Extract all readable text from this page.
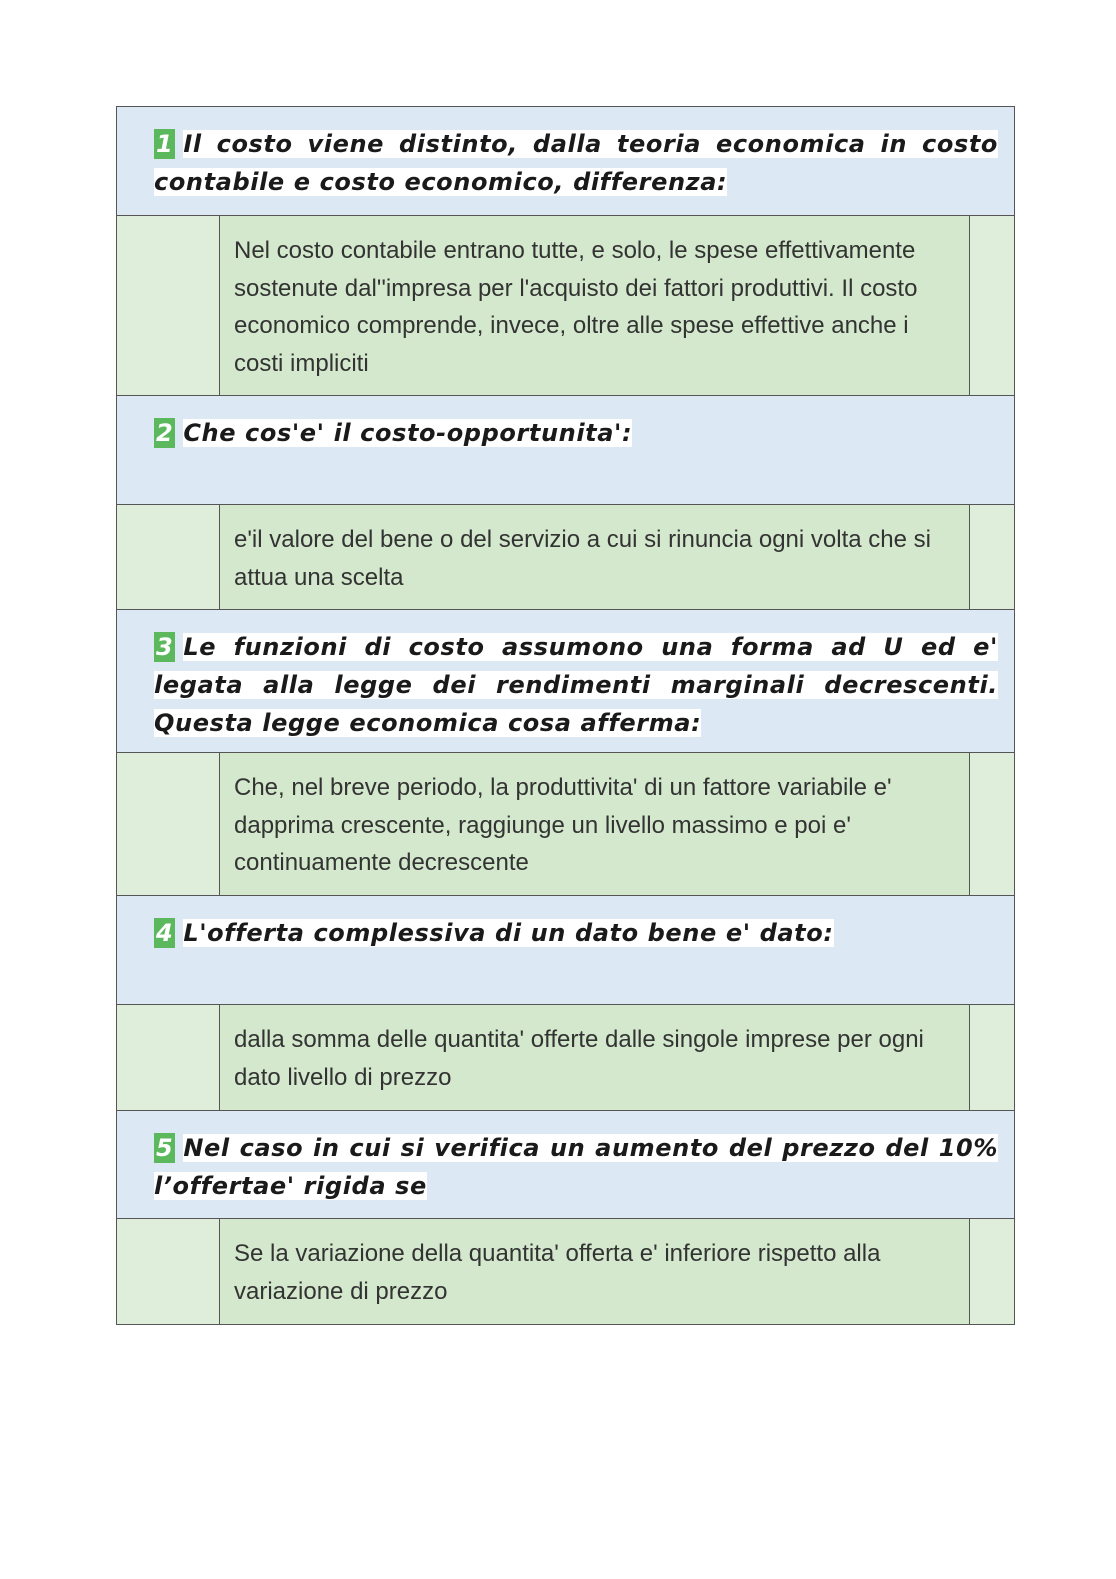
1 Il costo viene distinto, dalla teoria economica in costo contabile e costo economico, differenza:

Nel costo contabile entrano tutte, e solo, le spese effettivamente sostenute dal''impresa per l'acquisto dei fattori produttivi. Il costo economico comprende, invece, oltre alle spese effettive anche i costi impliciti

2 Che cos'e' il costo-opportunita':

e'il valore del bene o del servizio a cui si rinuncia ogni volta che si attua una scelta

3 Le funzioni di costo assumono una forma ad U ed e' legata alla legge dei rendimenti marginali decrescenti. Questa legge economica cosa afferma:

Che, nel breve periodo, la produttivita' di un fattore variabile e' dapprima crescente, raggiunge un livello massimo e poi e' continuamente decrescente

4 L'offerta complessiva di un dato bene e' dato:

dalla somma delle quantita' offerte dalle singole imprese per ogni dato livello di prezzo

5 Nel caso in cui si verifica un aumento del prezzo del 10% l’offertae' rigida se

Se la variazione della quantita' offerta e' inferiore rispetto alla variazione di prezzo
